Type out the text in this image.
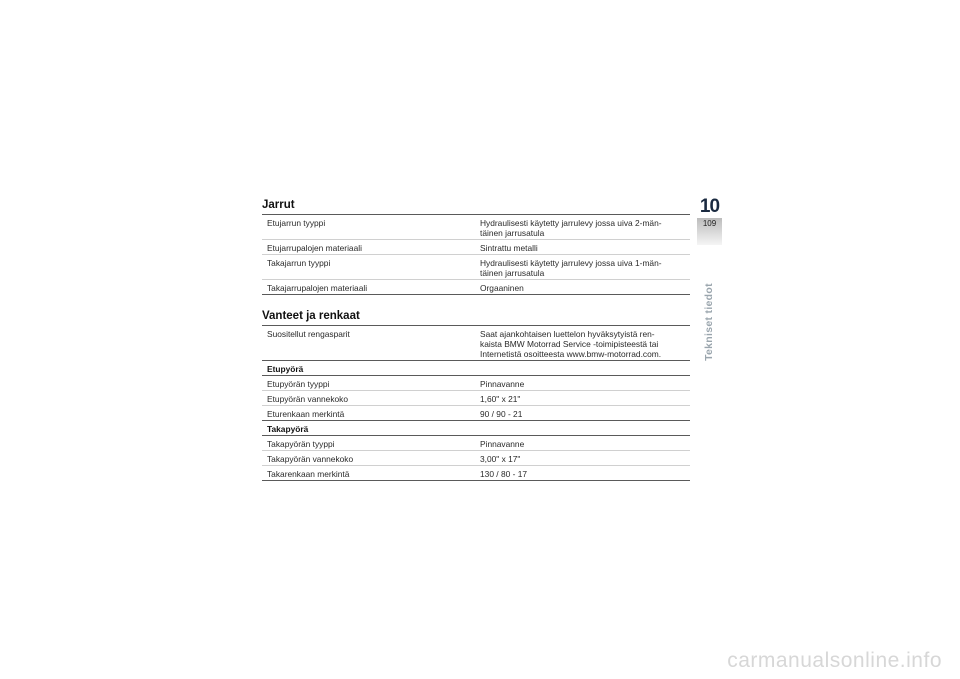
Jarrut
Etujarrun tyyppi	Hydraulisesti käytetty jarrulevy jossa uiva 2-män-
täinen jarrusatula
Etujarrupalojen materiaali	Sintrattu metalli
Takajarrun tyyppi	Hydraulisesti käytetty jarrulevy jossa uiva 1-män-
täinen jarrusatula
Takajarrupalojen materiaali	Orgaaninen
Vanteet ja renkaat
Suositellut rengasparit	Saat ajankohtaisen luettelon hyväksytyistä ren-
kaista BMW Motorrad Service -toimipisteestä tai
Internetistä osoitteesta www.bmw-motorrad.com.
Etupyörä	
Etupyörän tyyppi	Pinnavanne
Etupyörän vannekoko	1,60" x 21"
Eturenkaan merkintä	90 / 90 - 21
Takapyörä	
Takapyörän tyyppi	Pinnavanne
Takapyörän vannekoko	3,00" x 17"
Takarenkaan merkintä	130 / 80 - 17
10
109
Tekniset tiedot
carmanualsonline.info
